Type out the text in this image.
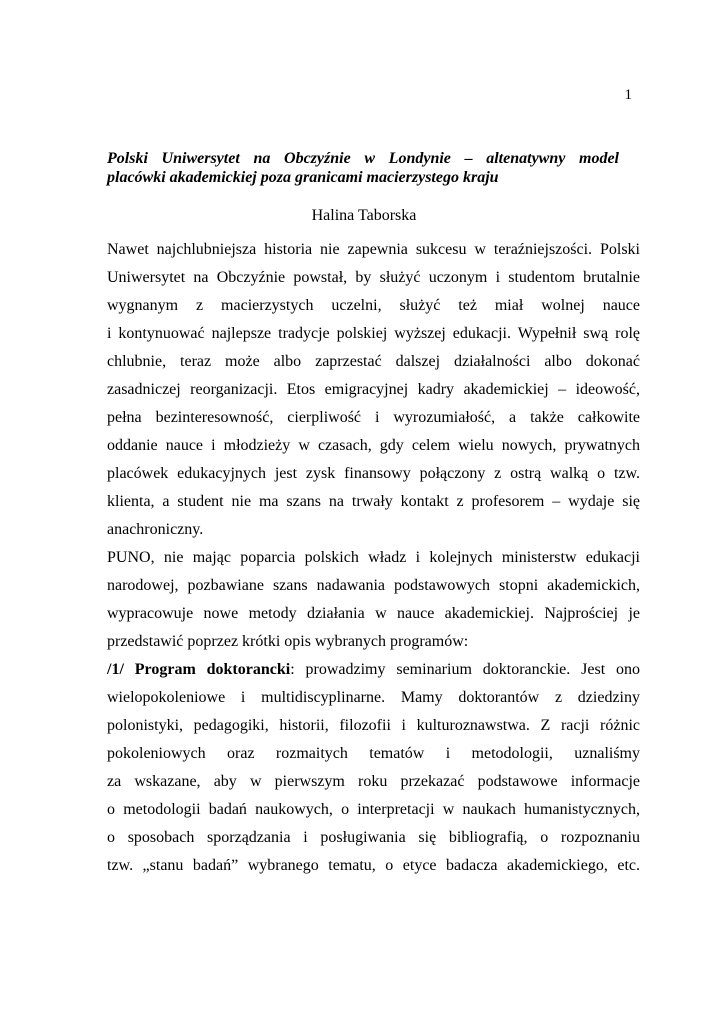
1
Polski Uniwersytet na Obczyźnie w Londynie – altenatywny model
placówki akademickiej poza granicami macierzystego kraju
Halina Taborska
Nawet najchlubniejsza historia nie zapewnia sukcesu w teraźniejszości. Polski
Uniwersytet na Obczyźnie powstał, by służyć uczonym i studentom brutalnie
wygnanym z macierzystych uczelni, służyć też miał wolnej nauce
i kontynuować najlepsze tradycje polskiej wyższej edukacji. Wypełnił swą rolę
chlubnie, teraz może albo zaprzestać dalszej działalności albo dokonać
zasadniczej reorganizacji. Etos emigracyjnej kadry akademickiej – ideowość,
pełna bezinteresowność, cierpliwość i wyrozumiałość, a także całkowite
oddanie nauce i młodzieży w czasach, gdy celem wielu nowych, prywatnych
placówek edukacyjnych jest zysk finansowy połączony z ostrą walką o tzw.
klienta, a student nie ma szans na trwały kontakt z profesorem – wydaje się
anachroniczny.
PUNO, nie mając poparcia polskich władz i kolejnych ministerstw edukacji
narodowej, pozbawiane szans nadawania podstawowych stopni akademickich,
wypracowuje nowe metody działania w nauce akademickiej. Najprościej je
przedstawić poprzez krótki opis wybranych programów:
/1/ Program doktorancki: prowadzimy seminarium doktoranckie. Jest ono
wielopokoleniowe i multidiscyplinarne. Mamy doktorantów z dziedziny
polonistyki, pedagogiki, historii, filozofii i kulturoznawstwa. Z racji różnic
pokoleniowych oraz rozmaitych tematów i metodologii, uznaliśmy
za wskazane, aby w pierwszym roku przekazać podstawowe informacje
o metodologii badań naukowych, o interpretacji w naukach humanistycznych,
o sposobach sporządzania i posługiwania się bibliografią, o rozpoznaniu
tzw. „stanu badań” wybranego tematu, o etyce badacza akademickiego, etc.
